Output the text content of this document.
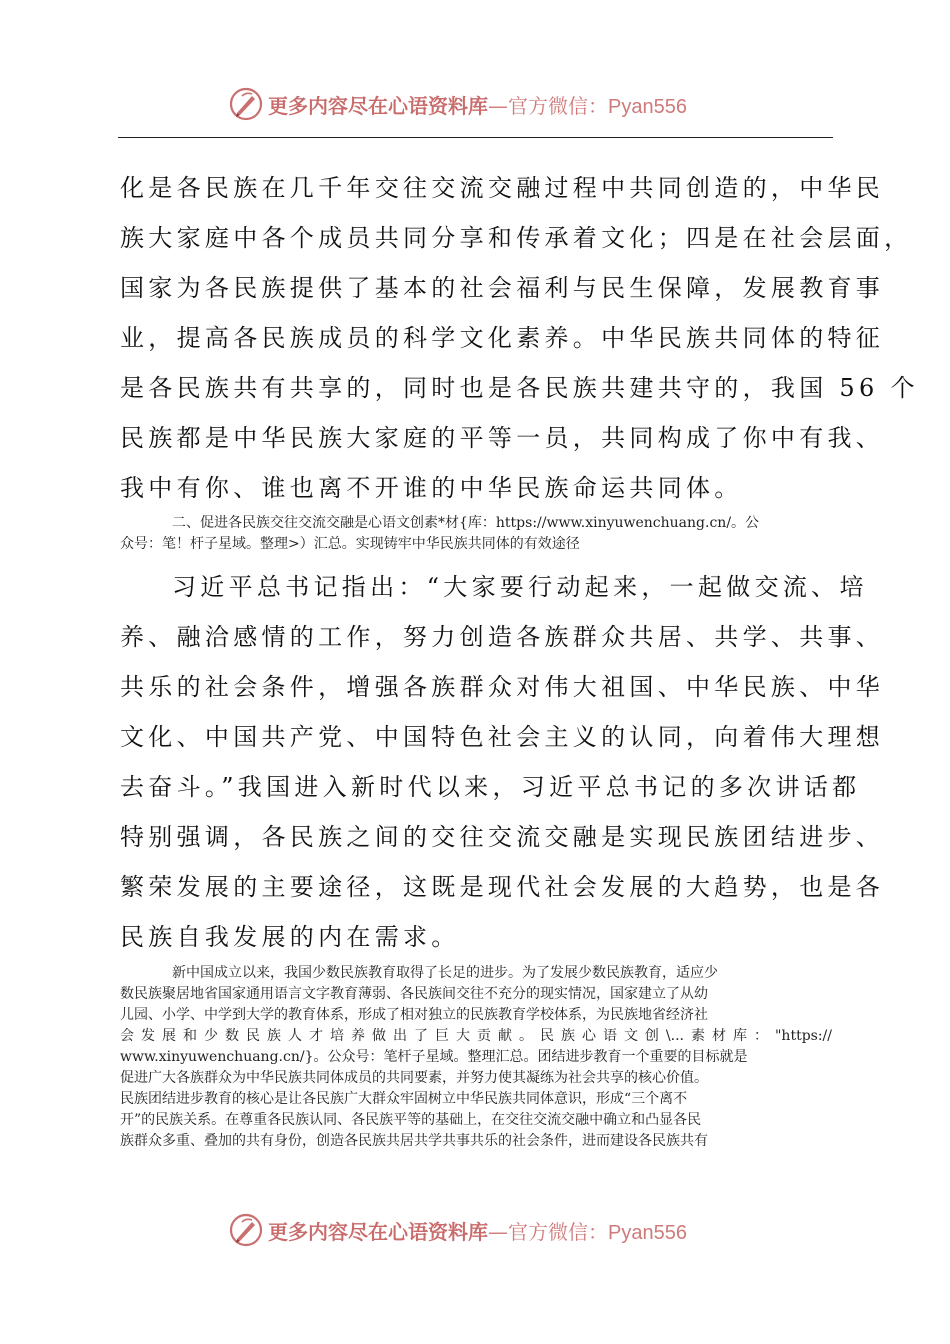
更多内容尽在心语资料库—官方微信：Pyan556
化是各民族在几千年交往交流交融过程中共同创造的，中华民
族大家庭中各个成员共同分享和传承着文化；四是在社会层面，
国家为各民族提供了基本的社会福利与民生保障，发展教育事
业，提高各民族成员的科学文化素养。中华民族共同体的特征
是各民族共有共享的，同时也是各民族共建共守的，我国 56 个
民族都是中华民族大家庭的平等一员，共同构成了你中有我、
我中有你、谁也离不开谁的中华民族命运共同体。
二、促进各民族交往交流交融是心语文创素*材{库：https://www.xinyuwenchuang.cn/。公
众号：笔！杆子星域。整理>）汇总。实现铸牢中华民族共同体的有效途径
习近平总书记指出：“大家要行动起来，一起做交流、培
养、融洽感情的工作，努力创造各族群众共居、共学、共事、
共乐的社会条件，增强各族群众对伟大祖国、中华民族、中华
文化、中国共产党、中国特色社会主义的认同，向着伟大理想
去奋斗。”我国进入新时代以来，习近平总书记的多次讲话都
特别强调，各民族之间的交往交流交融是实现民族团结进步、
繁荣发展的主要途径，这既是现代社会发展的大趋势，也是各
民族自我发展的内在需求。
新中国成立以来，我国少数民族教育取得了长足的进步。为了发展少数民族教育，适应少
数民族聚居地省国家通用语言文字教育薄弱、各民族间交往不充分的现实情况，国家建立了从幼
儿园、小学、中学到大学的教育体系，形成了相对独立的民族教育学校体系，为民族地省经济社
会发展和少数民族人才培养做出了巨大贡献。民族心语文创\...素材库："https://
www.xinyuwenchuang.cn/}。公众号：笔杆子星域。整理汇总。团结进步教育一个重要的目标就是
促进广大各族群众为中华民族共同体成员的共同要素，并努力使其凝练为社会共享的核心价值。
民族团结进步教育的核心是让各民族广大群众牢固树立中华民族共同体意识，形成“三个离不
开”的民族关系。在尊重各民族认同、各民族平等的基础上，在交往交流交融中确立和凸显各民
族群众多重、叠加的共有身份，创造各民族共居共学共事共乐的社会条件，进而建设各民族共有
更多内容尽在心语资料库—官方微信：Pyan556
